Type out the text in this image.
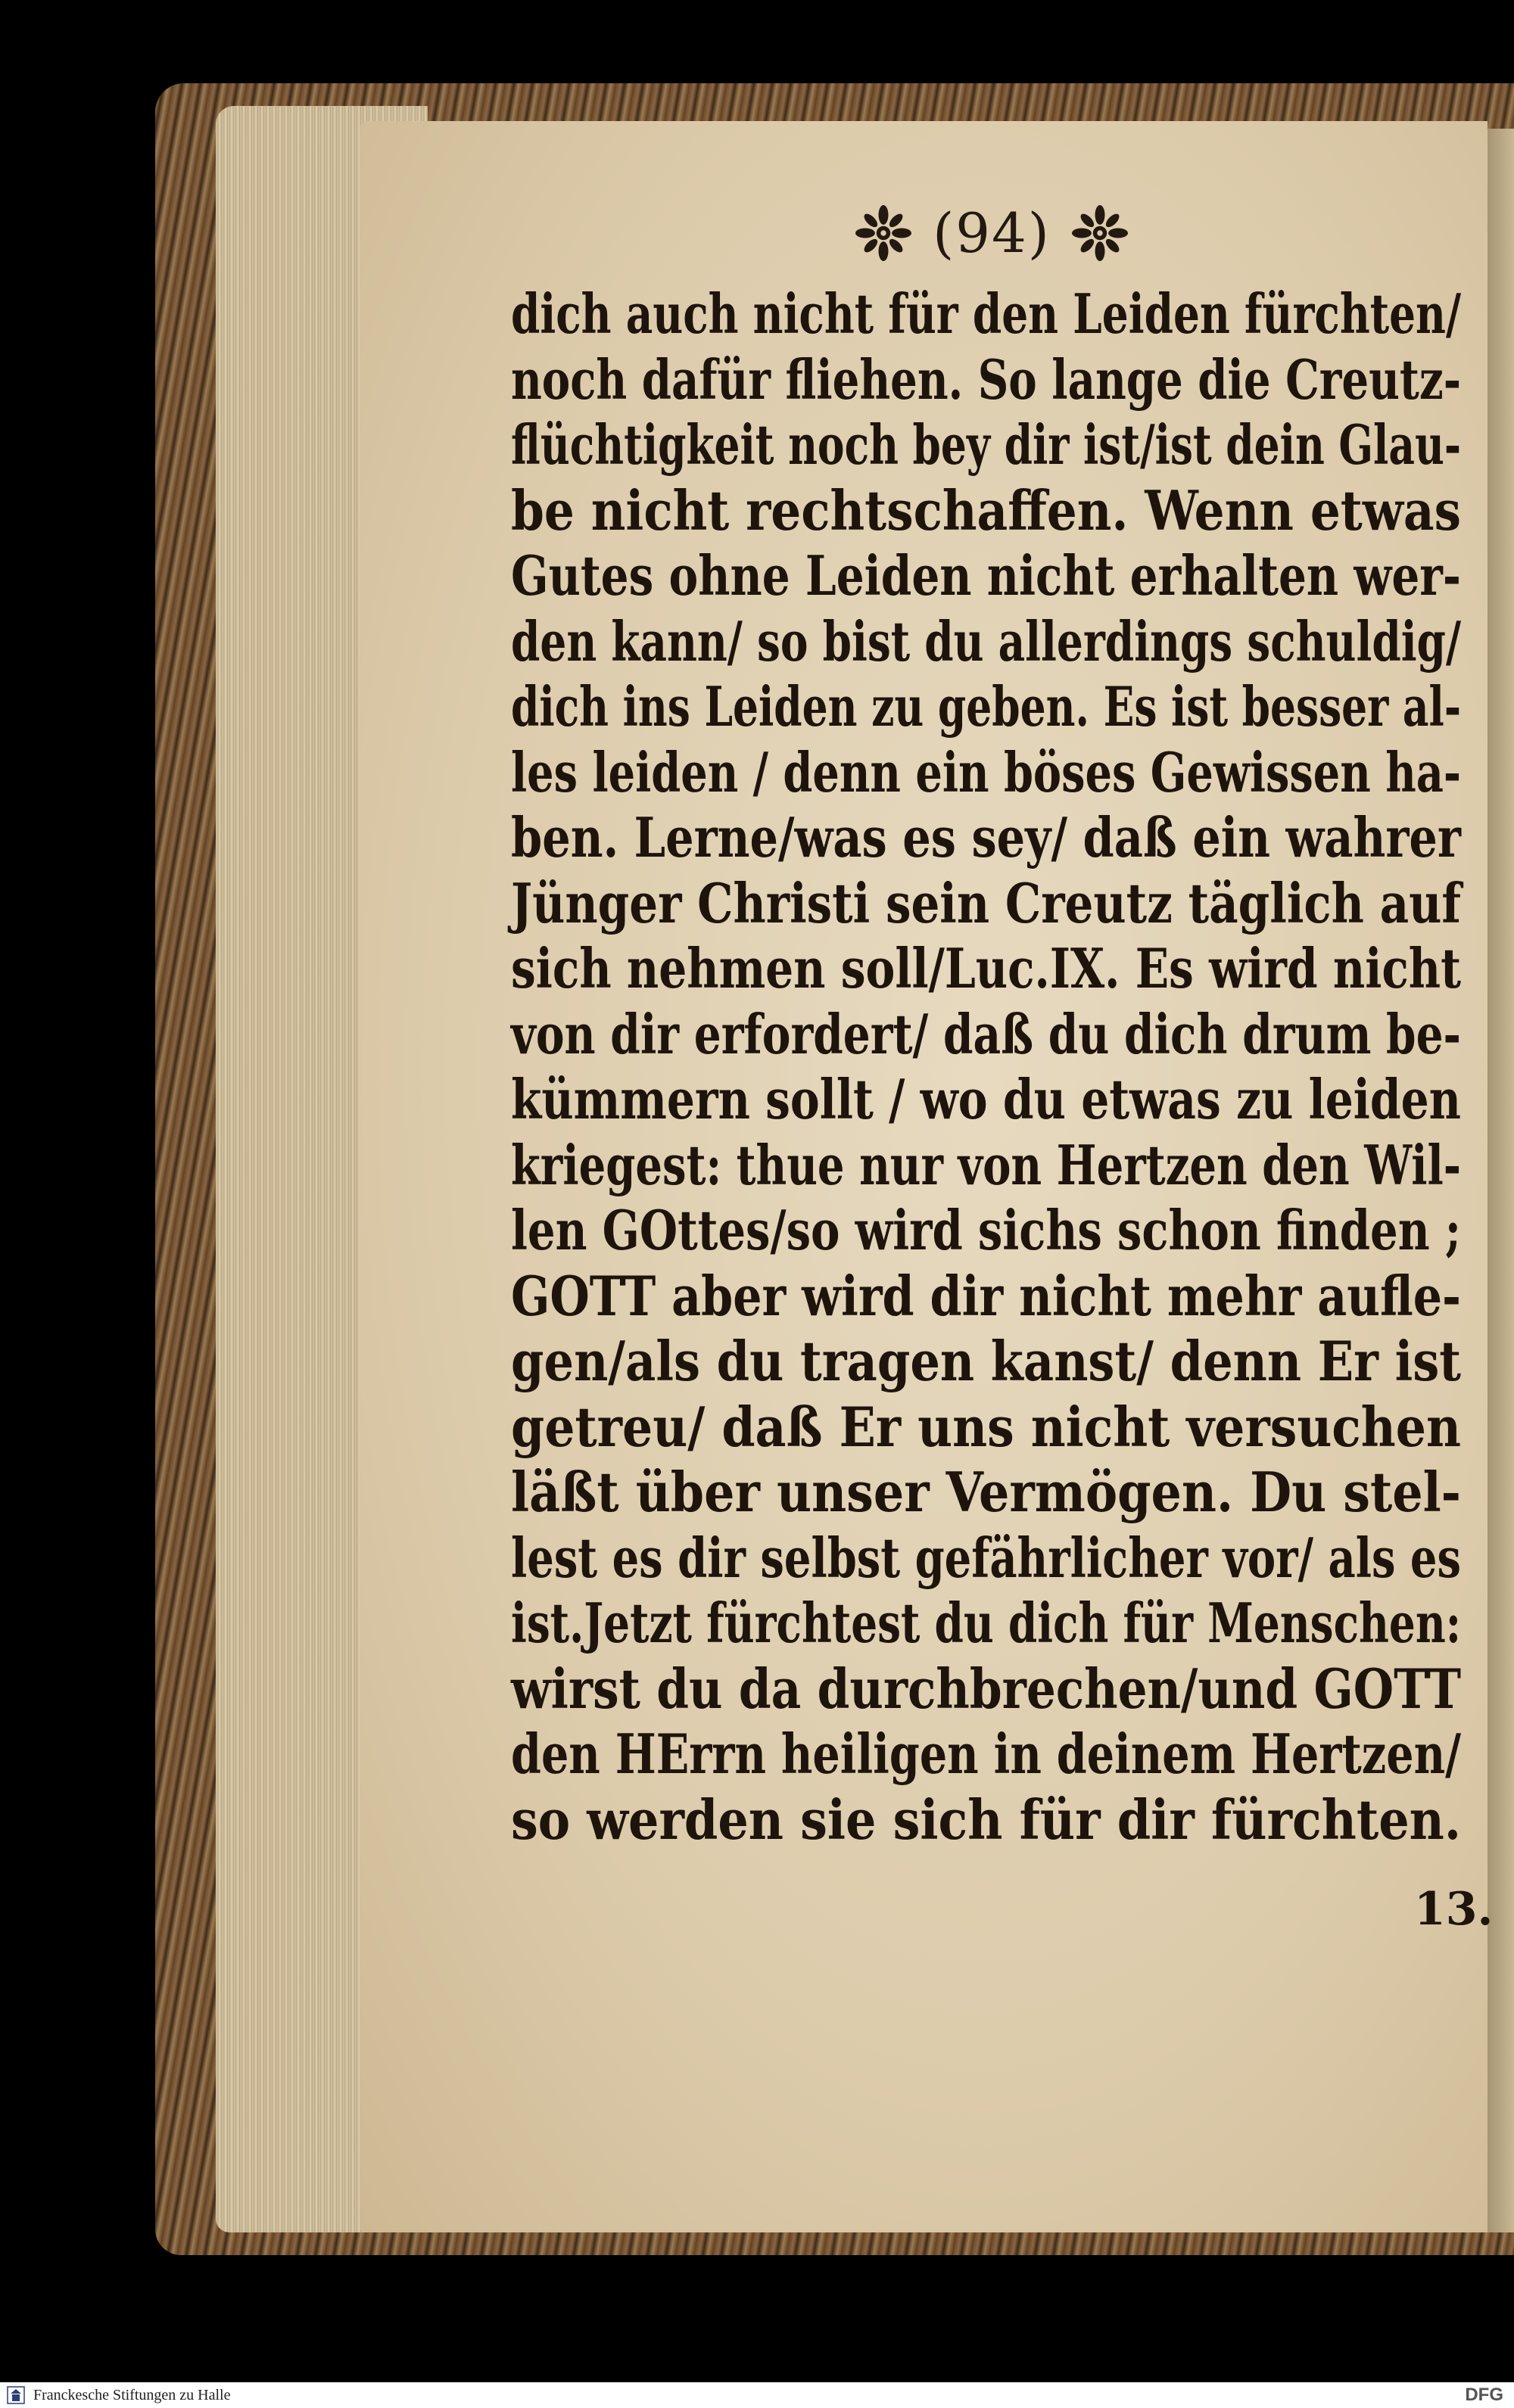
(94)
dich auch nicht für den Leiden fürchten/
noch dafür fliehen. So lange die Creutz-
flüchtigkeit noch bey dir ist/ist dein Glau-
be nicht rechtschaffen. Wenn etwas
Gutes ohne Leiden nicht erhalten wer-
den kann/ so bist du allerdings schuldig/
dich ins Leiden zu geben. Es ist besser al-
les leiden / denn ein böses Gewissen ha-
ben. Lerne/was es sey/ daß ein wahrer
Jünger Christi sein Creutz täglich auf
sich nehmen soll/Luc.IX. Es wird nicht
von dir erfordert/ daß du dich drum be-
kümmern sollt / wo du etwas zu leiden
kriegest: thue nur von Hertzen den Wil-
len GOttes/so wird sichs schon finden ;
GOTT aber wird dir nicht mehr aufle-
gen/als du tragen kanst/ denn Er ist
getreu/ daß Er uns nicht versuchen
läßt über unser Vermögen. Du stel-
lest es dir selbst gefährlicher vor/ als es
ist.Jetzt fürchtest du dich für Menschen:
wirst du da durchbrechen/und GOTT
den HErrn heiligen in deinem Hertzen/
so werden sie sich für dir fürchten.
13.
Franckesche Stiftungen zu Halle	DFG
